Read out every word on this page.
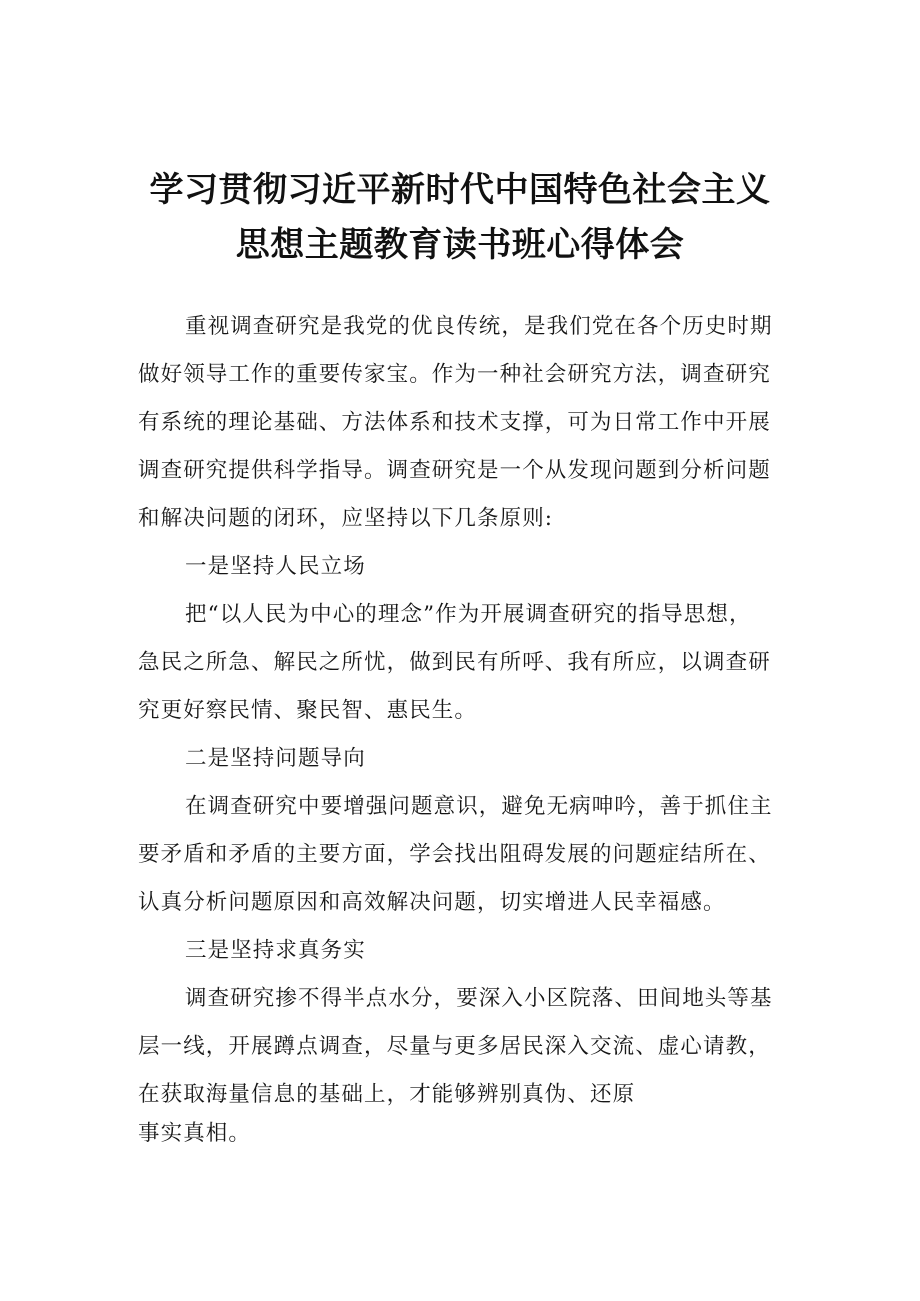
学习贯彻习近平新时代中国特色社会主义
思想主题教育读书班心得体会
重视调查研究是我党的优良传统，是我们党在各个历史时期
做好领导工作的重要传家宝。作为一种社会研究方法，调查研究
有系统的理论基础、方法体系和技术支撑，可为日常工作中开展
调查研究提供科学指导。调查研究是一个从发现问题到分析问题
和解决问题的闭环，应坚持以下几条原则:
一是坚持人民立场
把“以人民为中心的理念”作为开展调查研究的指导思想，
急民之所急、解民之所忧，做到民有所呼、我有所应，以调查研
究更好察民情、聚民智、惠民生。
二是坚持问题导向
在调查研究中要增强问题意识，避免无病呻吟，善于抓住主
要矛盾和矛盾的主要方面，学会找出阻碍发展的问题症结所在、
认真分析问题原因和高效解决问题，切实增进人民幸福感。
三是坚持求真务实
调查研究掺不得半点水分，要深入小区院落、田间地头等基
层一线，开展蹲点调查，尽量与更多居民深入交流、虚心请教，
在获取海量信息的基础上，才能够辨别真伪、还原
事实真相。
